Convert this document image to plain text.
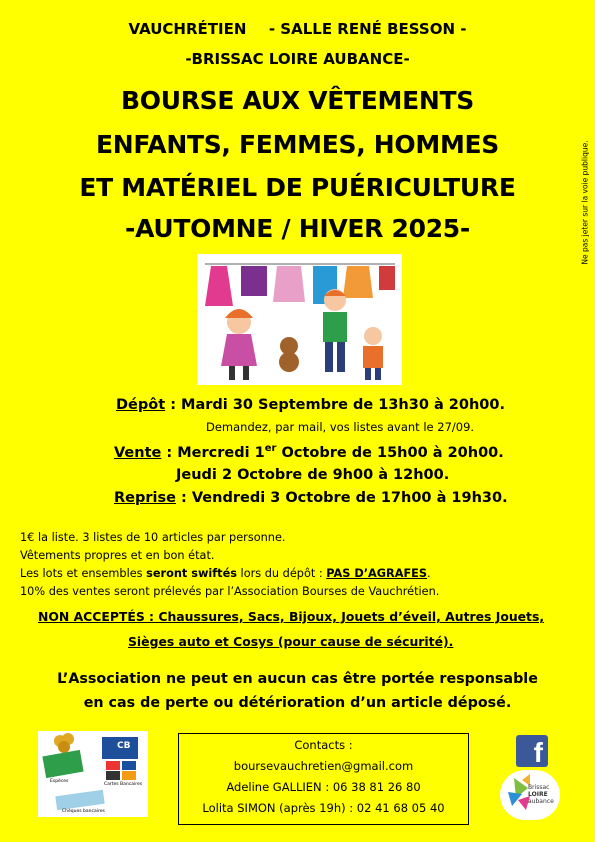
VAUCHRÉTIEN - SALLE RENÉ BESSON -
-BRISSAC LOIRE AUBANCE-
BOURSE AUX VÊTEMENTS
ENFANTS, FEMMES, HOMMES
ET MATÉRIEL DE PUÉRICULTURE
-AUTOMNE / HIVER 2025-	Ne pas jeter sur la voie publique.
Dépôt : Mardi 30 Septembre de 13h30 à 20h00.
Demandez, par mail, vos listes avant le 27/09.
Vente : Mercredi 1er Octobre de 15h00 à 20h00.
Jeudi 2 Octobre de 9h00 à 12h00.
Reprise : Vendredi 3 Octobre de 17h00 à 19h30.
1€ la liste. 3 listes de 10 articles par personne.
Vêtements propres et en bon état.
Les lots et ensembles seront swiftés lors du dépôt : PAS D’AGRAFES.
10% des ventes seront prélevés par l’Association Bourses de Vauchrétien.
NON ACCEPTÉS : Chaussures, Sacs, Bijoux, Jouets d’éveil, Autres Jouets,
Sièges auto et Cosys (pour cause de sécurité).
L’Association ne peut en aucun cas être portée responsable
en cas de perte ou détérioration d’un article déposé.
CB
Espèces
Cartes Bancaires
Chèques bancaires
Contacts :
boursevauchretien@gmail.com
Adeline GALLIEN : 06 38 81 26 80
Lolita SIMON (après 19h) : 02 41 68 05 40
f
Brissac
LOIRE
aubance
